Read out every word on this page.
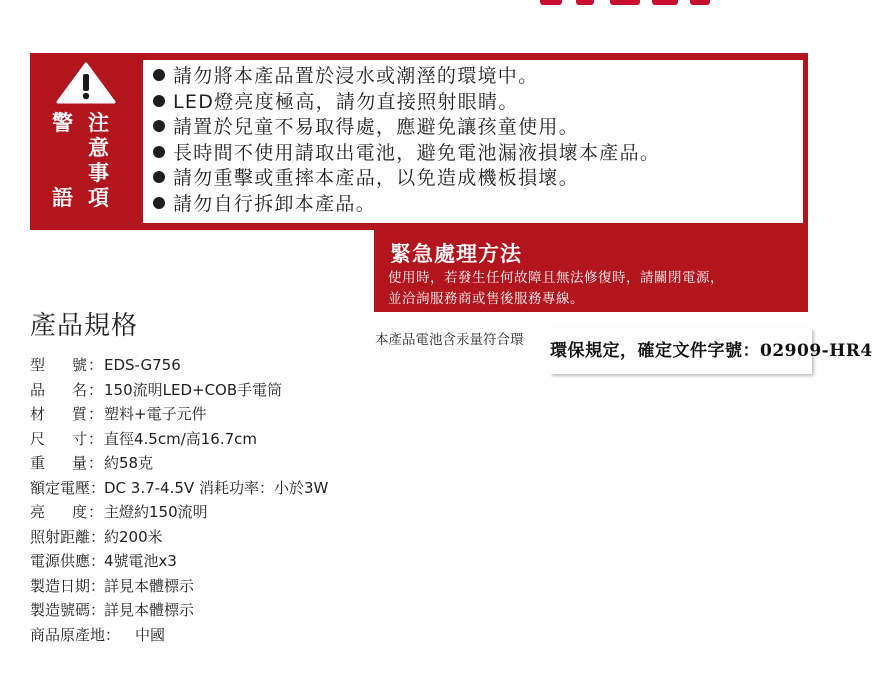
警
語
注
意
事
項
請勿將本產品置於浸水或潮溼的環境中。
LED燈亮度極高，請勿直接照射眼睛。
請置於兒童不易取得處，應避免讓孩童使用。
長時間不使用請取出電池，避免電池漏液損壞本產品。
請勿重擊或重摔本產品，以免造成機板損壞。
請勿自行拆卸本產品。
緊急處理方法
使用時，若發生任何故障且無法修復時，請關閉電源，
並洽詢服務商或售後服務專線。
產品規格	本產品電池含汞量符合環
環保規定，確定文件字號：02909-HR4
型 號 ： EDS-G756
品 名 ： 150流明LED+COB手電筒
材 質 ： 塑料+電子元件
尺 寸 ： 直徑4.5cm/高16.7cm
重 量 ： 約58克
額定電壓：
DC 3.7-4.5V 消耗功率：小於3W
亮 度 ： 主燈約150流明
照射距離：
約200米
電源供應：
4號電池x3
製造日期：
詳見本體標示
製造號碼：
詳見本體標示
商品原產地： 中國
